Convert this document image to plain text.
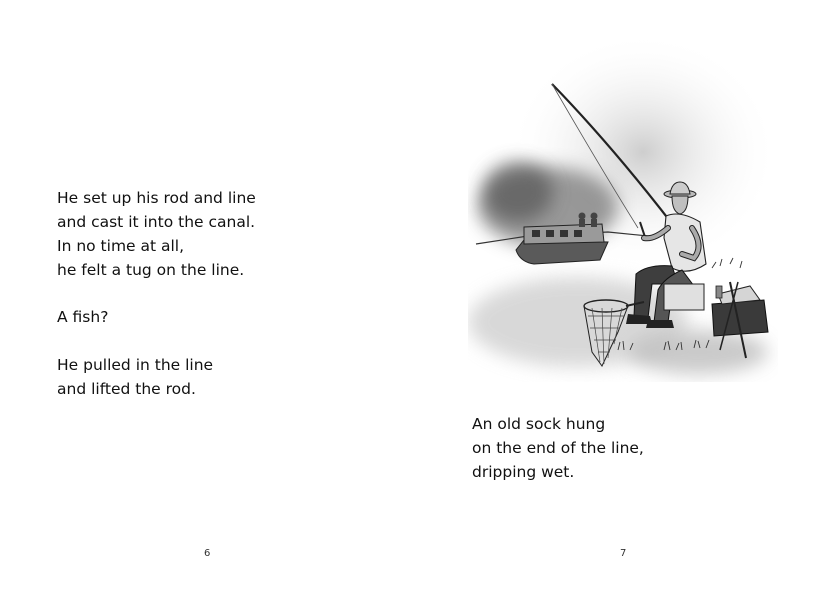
He set up his rod and line
and cast it into the canal.
In no time at all,
he felt a tug on the line.

A fish?

He pulled in the line
and lifted the rod.

6

An old sock hung
on the end of the line,
dripping wet.

7
